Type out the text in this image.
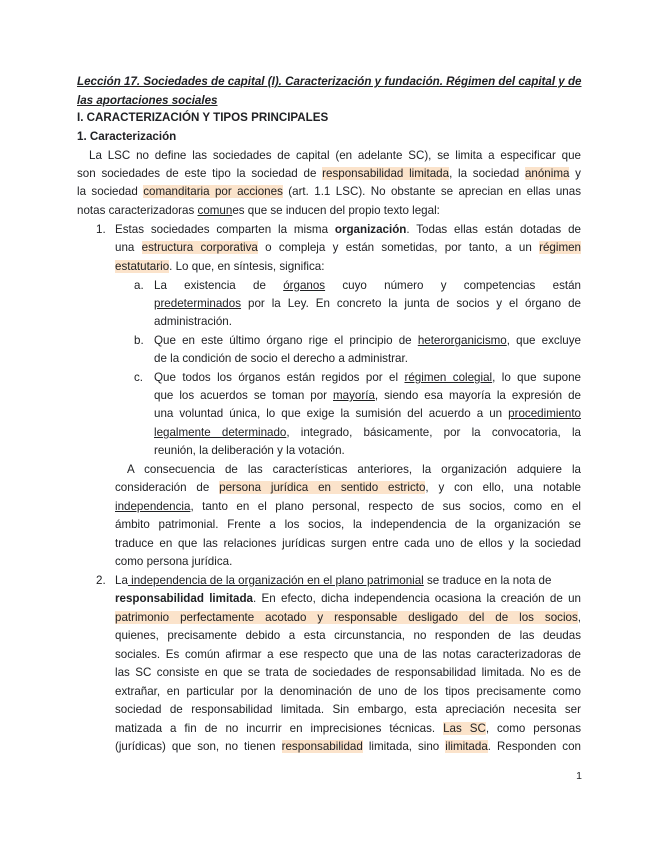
Lección 17. Sociedades de capital (I). Caracterización y fundación. Régimen del capital y de
las aportaciones sociales
I. CARACTERIZACIÓN Y TIPOS PRINCIPALES
1. Caracterización
La LSC no define las sociedades de capital (en adelante SC), se limita a especificar que
son sociedades de este tipo la sociedad de responsabilidad limitada, la sociedad anónima y
la sociedad comanditaria por acciones (art. 1.1 LSC). No obstante se aprecian en ellas unas
notas caracterizadoras comunes que se inducen del propio texto legal:
1. Estas sociedades comparten la misma organización. Todas ellas están dotadas de
una estructura corporativa o compleja y están sometidas, por tanto, a un régimen
estatutario. Lo que, en síntesis, significa:
a. La existencia de órganos cuyo número y competencias están
predeterminados por la Ley. En concreto la junta de socios y el órgano de
administración.
b. Que en este último órgano rige el principio de heterorganicismo, que excluye
de la condición de socio el derecho a administrar.
c. Que todos los órganos están regidos por el régimen colegial, lo que supone
que los acuerdos se toman por mayoría, siendo esa mayoría la expresión de
una voluntad única, lo que exige la sumisión del acuerdo a un procedimiento
legalmente determinado, integrado, básicamente, por la convocatoria, la
reunión, la deliberación y la votación.
A consecuencia de las características anteriores, la organización adquiere la
consideración de persona jurídica en sentido estricto, y con ello, una notable
independencia, tanto en el plano personal, respecto de sus socios, como en el
ámbito patrimonial. Frente a los socios, la independencia de la organización se
traduce en que las relaciones jurídicas surgen entre cada uno de ellos y la sociedad
como persona jurídica.
2. La independencia de la organización en el plano patrimonial se traduce en la nota de
responsabilidad limitada. En efecto, dicha independencia ocasiona la creación de un
patrimonio perfectamente acotado y responsable desligado del de los socios,
quienes, precisamente debido a esta circunstancia, no responden de las deudas
sociales. Es común afirmar a ese respecto que una de las notas caracterizadoras de
las SC consiste en que se trata de sociedades de responsabilidad limitada. No es de
extrañar, en particular por la denominación de uno de los tipos precisamente como
sociedad de responsabilidad limitada. Sin embargo, esta apreciación necesita ser
matizada a fin de no incurrir en imprecisiones técnicas. Las SC, como personas
(jurídicas) que son, no tienen responsabilidad limitada, sino ilimitada. Responden con
1
